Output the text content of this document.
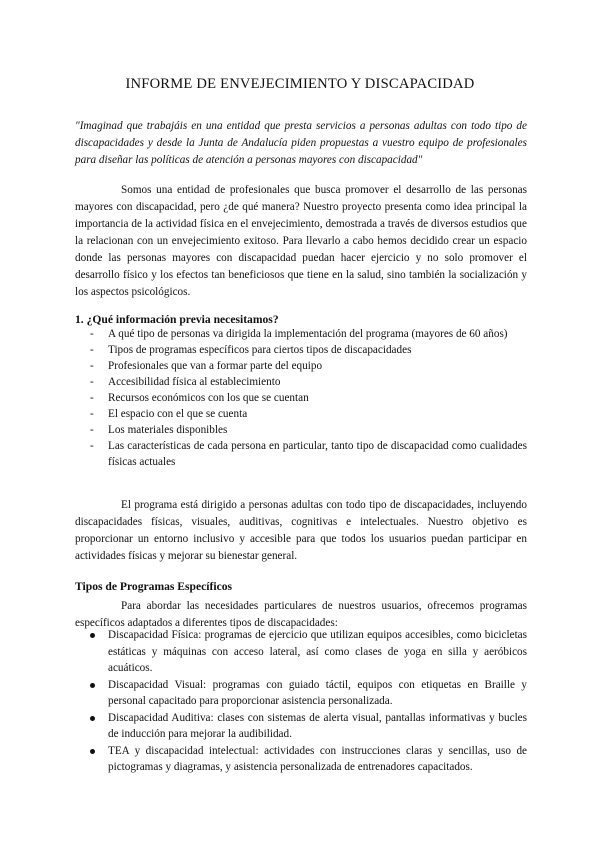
INFORME DE ENVEJECIMIENTO Y DISCAPACIDAD
"Imaginad que trabajáis en una entidad que presta servicios a personas adultas con todo tipo de discapacidades y desde la Junta de Andalucía piden propuestas a vuestro equipo de profesionales para diseñar las políticas de atención a personas mayores con discapacidad"
Somos una entidad de profesionales que busca promover el desarrollo de las personas mayores con discapacidad, pero ¿de qué manera? Nuestro proyecto presenta como idea principal la importancia de la actividad física en el envejecimiento, demostrada a través de diversos estudios que la relacionan con un envejecimiento exitoso. Para llevarlo a cabo hemos decidido crear un espacio donde las personas mayores con discapacidad puedan hacer ejercicio y no solo promover el desarrollo físico y los efectos tan beneficiosos que tiene en la salud, sino también la socialización y los aspectos psicológicos.
1. ¿Qué información previa necesitamos?
- A qué tipo de personas va dirigida la implementación del programa (mayores de 60 años)
- Tipos de programas específicos para ciertos tipos de discapacidades
- Profesionales que van a formar parte del equipo
- Accesibilidad física al establecimiento
- Recursos económicos con los que se cuentan
- El espacio con el que se cuenta
- Los materiales disponibles
- Las características de cada persona en particular, tanto tipo de discapacidad como cualidades físicas actuales
El programa está dirigido a personas adultas con todo tipo de discapacidades, incluyendo discapacidades físicas, visuales, auditivas, cognitivas e intelectuales. Nuestro objetivo es proporcionar un entorno inclusivo y accesible para que todos los usuarios puedan participar en actividades físicas y mejorar su bienestar general.
Tipos de Programas Específicos
Para abordar las necesidades particulares de nuestros usuarios, ofrecemos programas específicos adaptados a diferentes tipos de discapacidades:
Discapacidad Física: programas de ejercicio que utilizan equipos accesibles, como bicicletas estáticas y máquinas con acceso lateral, así como clases de yoga en silla y aeróbicos acuáticos.
Discapacidad Visual: programas con guiado táctil, equipos con etiquetas en Braille y personal capacitado para proporcionar asistencia personalizada.
Discapacidad Auditiva: clases con sistemas de alerta visual, pantallas informativas y bucles de inducción para mejorar la audibilidad.
TEA y discapacidad intelectual: actividades con instrucciones claras y sencillas, uso de pictogramas y diagramas, y asistencia personalizada de entrenadores capacitados.
